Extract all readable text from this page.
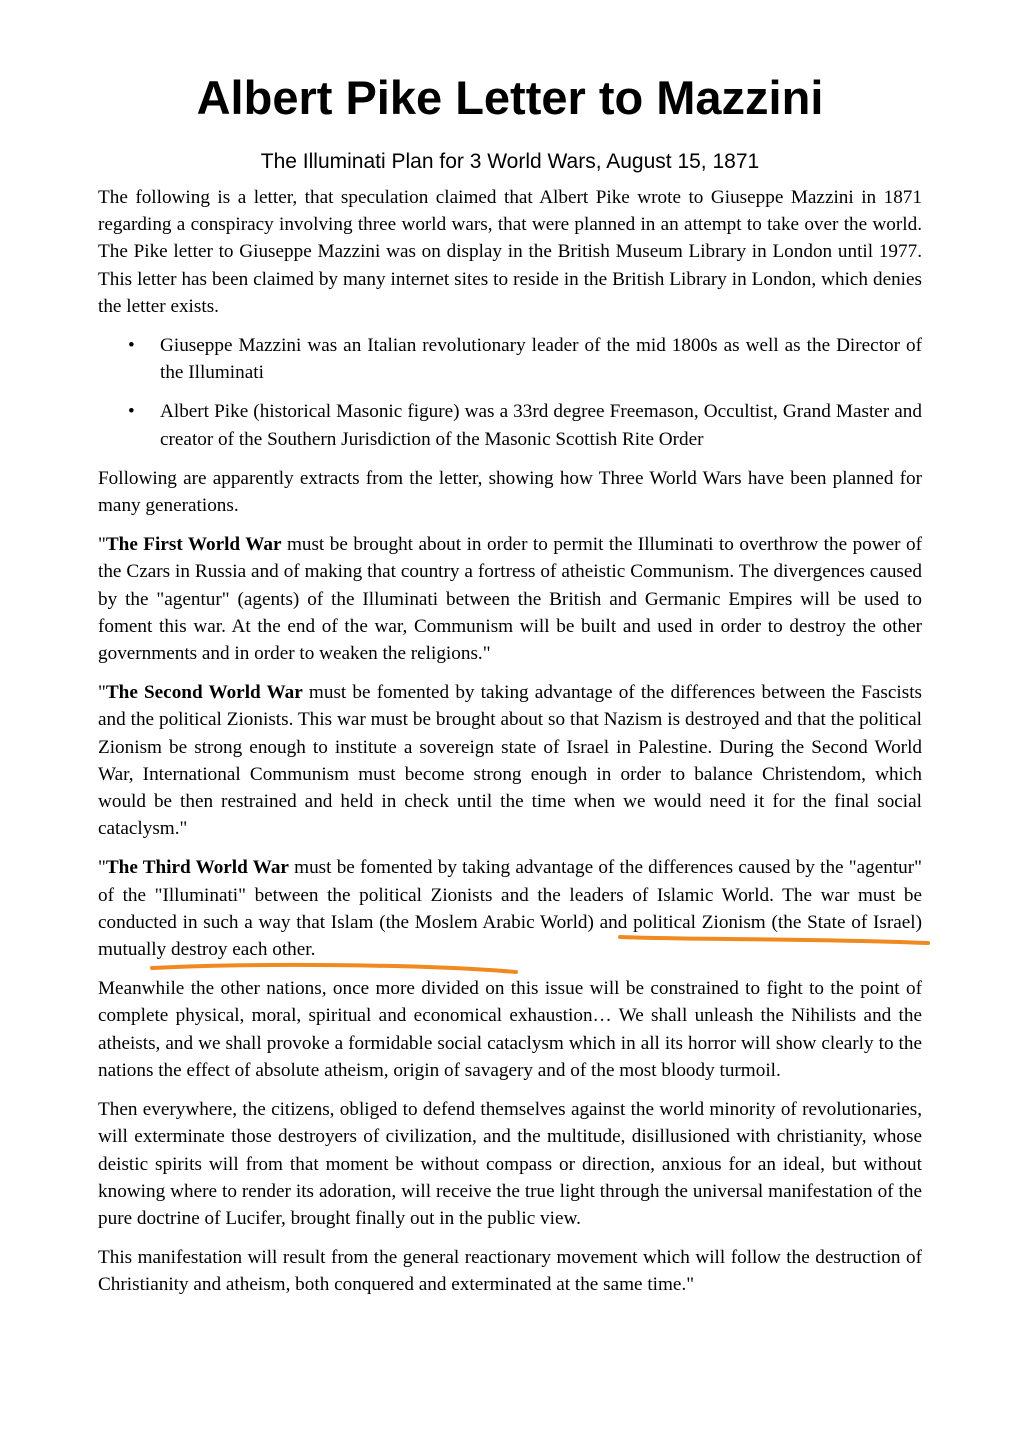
Albert Pike Letter to Mazzini
The Illuminati Plan for 3 World Wars, August 15, 1871

The following is a letter, that speculation claimed that Albert Pike wrote to Giuseppe Mazzini in 1871 regarding a conspiracy involving three world wars, that were planned in an attempt to take over the world. The Pike letter to Giuseppe Mazzini was on display in the British Museum Library in London until 1977. This letter has been claimed by many internet sites to reside in the British Library in London, which denies the letter exists.

• Giuseppe Mazzini was an Italian revolutionary leader of the mid 1800s as well as the Director of the Illuminati
• Albert Pike (historical Masonic figure) was a 33rd degree Freemason, Occultist, Grand Master and creator of the Southern Jurisdiction of the Masonic Scottish Rite Order

Following are apparently extracts from the letter, showing how Three World Wars have been planned for many generations.

"The First World War must be brought about in order to permit the Illuminati to overthrow the power of the Czars in Russia and of making that country a fortress of atheistic Communism. The divergences caused by the "agentur" (agents) of the Illuminati between the British and Germanic Empires will be used to foment this war. At the end of the war, Communism will be built and used in order to destroy the other governments and in order to weaken the religions."

"The Second World War must be fomented by taking advantage of the differences between the Fascists and the political Zionists. This war must be brought about so that Nazism is destroyed and that the political Zionism be strong enough to institute a sovereign state of Israel in Palestine. During the Second World War, International Communism must become strong enough in order to balance Christendom, which would be then restrained and held in check until the time when we would need it for the final social cataclysm."

"The Third World War must be fomented by taking advantage of the differences caused by the "agentur" of the "Illuminati" between the political Zionists and the leaders of Islamic World. The war must be conducted in such a way that Islam (the Moslem Arabic World) and political Zionism (the State of Israel) mutually destroy each other.

Meanwhile the other nations, once more divided on this issue will be constrained to fight to the point of complete physical, moral, spiritual and economical exhaustion… We shall unleash the Nihilists and the atheists, and we shall provoke a formidable social cataclysm which in all its horror will show clearly to the nations the effect of absolute atheism, origin of savagery and of the most bloody turmoil.

Then everywhere, the citizens, obliged to defend themselves against the world minority of revolutionaries, will exterminate those destroyers of civilization, and the multitude, disillusioned with christianity, whose deistic spirits will from that moment be without compass or direction, anxious for an ideal, but without knowing where to render its adoration, will receive the true light through the universal manifestation of the pure doctrine of Lucifer, brought finally out in the public view.

This manifestation will result from the general reactionary movement which will follow the destruction of Christianity and atheism, both conquered and exterminated at the same time."
